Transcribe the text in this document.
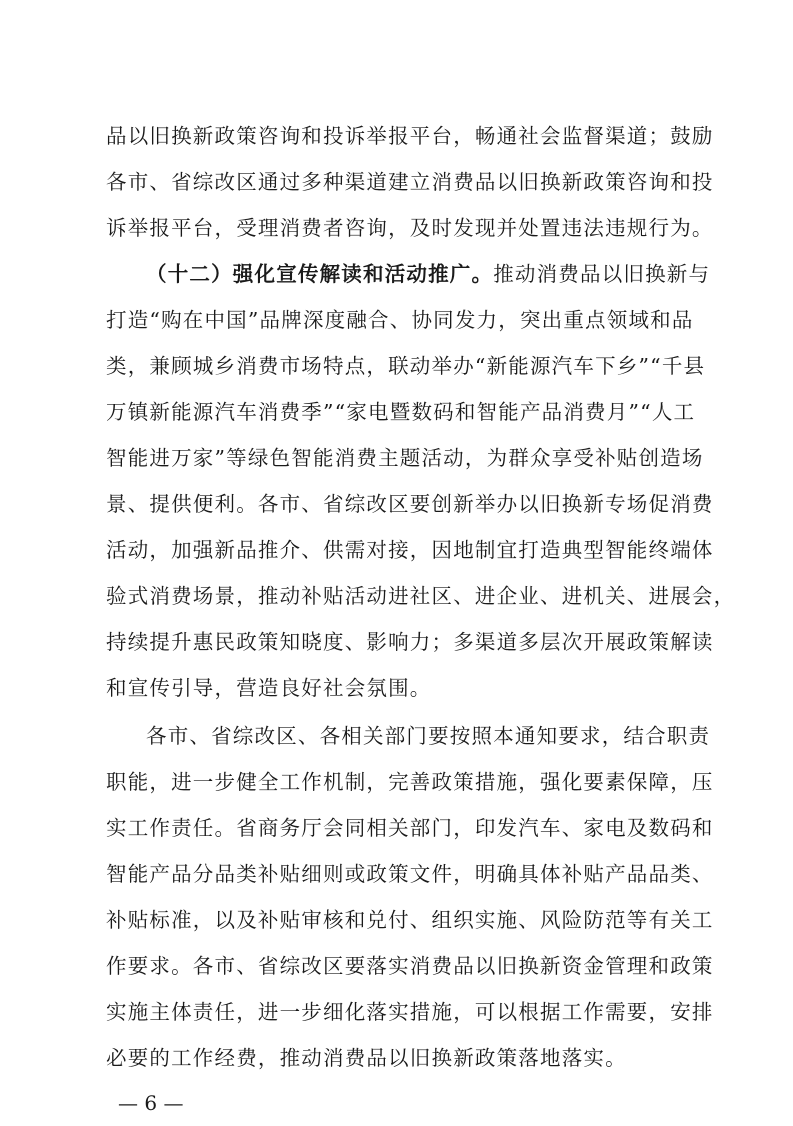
品以旧换新政策咨询和投诉举报平台，畅通社会监督渠道；鼓励
各市、省综改区通过多种渠道建立消费品以旧换新政策咨询和投
诉举报平台，受理消费者咨询，及时发现并处置违法违规行为。
（十二）强化宣传解读和活动推广。推动消费品以旧换新与
打造“购在中国”品牌深度融合、协同发力，突出重点领域和品
类，兼顾城乡消费市场特点，联动举办“新能源汽车下乡”“千县
万镇新能源汽车消费季”“家电暨数码和智能产品消费月”“人工
智能进万家”等绿色智能消费主题活动，为群众享受补贴创造场
景、提供便利。各市、省综改区要创新举办以旧换新专场促消费
活动，加强新品推介、供需对接，因地制宜打造典型智能终端体
验式消费场景，推动补贴活动进社区、进企业、进机关、进展会，
持续提升惠民政策知晓度、影响力；多渠道多层次开展政策解读
和宣传引导，营造良好社会氛围。
各市、省综改区、各相关部门要按照本通知要求，结合职责
职能，进一步健全工作机制，完善政策措施，强化要素保障，压
实工作责任。省商务厅会同相关部门，印发汽车、家电及数码和
智能产品分品类补贴细则或政策文件，明确具体补贴产品品类、
补贴标准，以及补贴审核和兑付、组织实施、风险防范等有关工
作要求。各市、省综改区要落实消费品以旧换新资金管理和政策
实施主体责任，进一步细化落实措施，可以根据工作需要，安排
必要的工作经费，推动消费品以旧换新政策落地落实。
— 6 —
